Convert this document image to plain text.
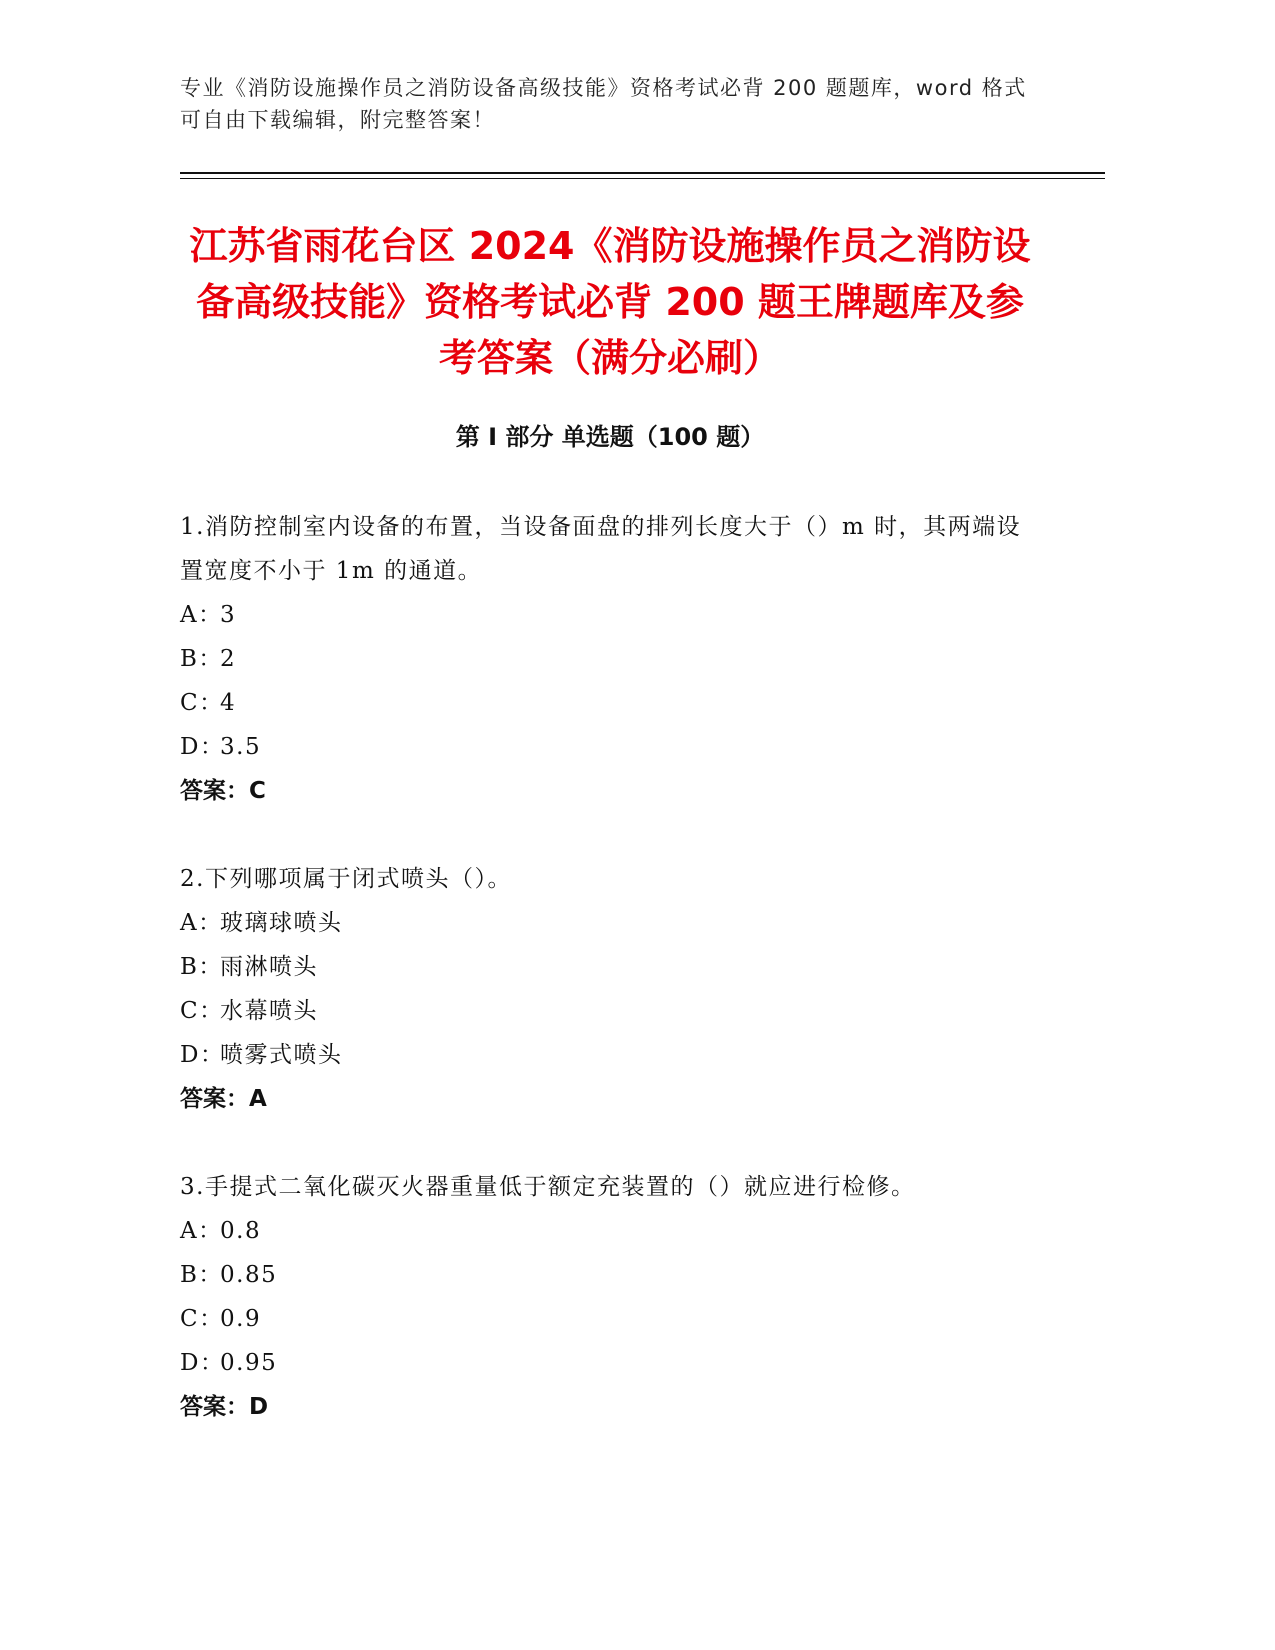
专业《消防设施操作员之消防设备高级技能》资格考试必背 200 题题库，word 格式可自由下载编辑，附完整答案！
江苏省雨花台区 2024《消防设施操作员之消防设备高级技能》资格考试必背 200 题王牌题库及参考答案（满分必刷）
第 I 部分 单选题（100 题）

1.消防控制室内设备的布置，当设备面盘的排列长度大于（）m 时，其两端设置宽度不小于 1m 的通道。

A：
3

B：
2

C：
4

D：
3.5

答案：C

2.下列哪项属于闭式喷头（）。

A：
玻璃球喷头

B：
雨淋喷头

C：
水幕喷头

D：
喷雾式喷头

答案：A

3.手提式二氧化碳灭火器重量低于额定充装置的（）就应进行检修。

A：
0.8

B：
0.85

C：
0.9

D：
0.95

答案：D
